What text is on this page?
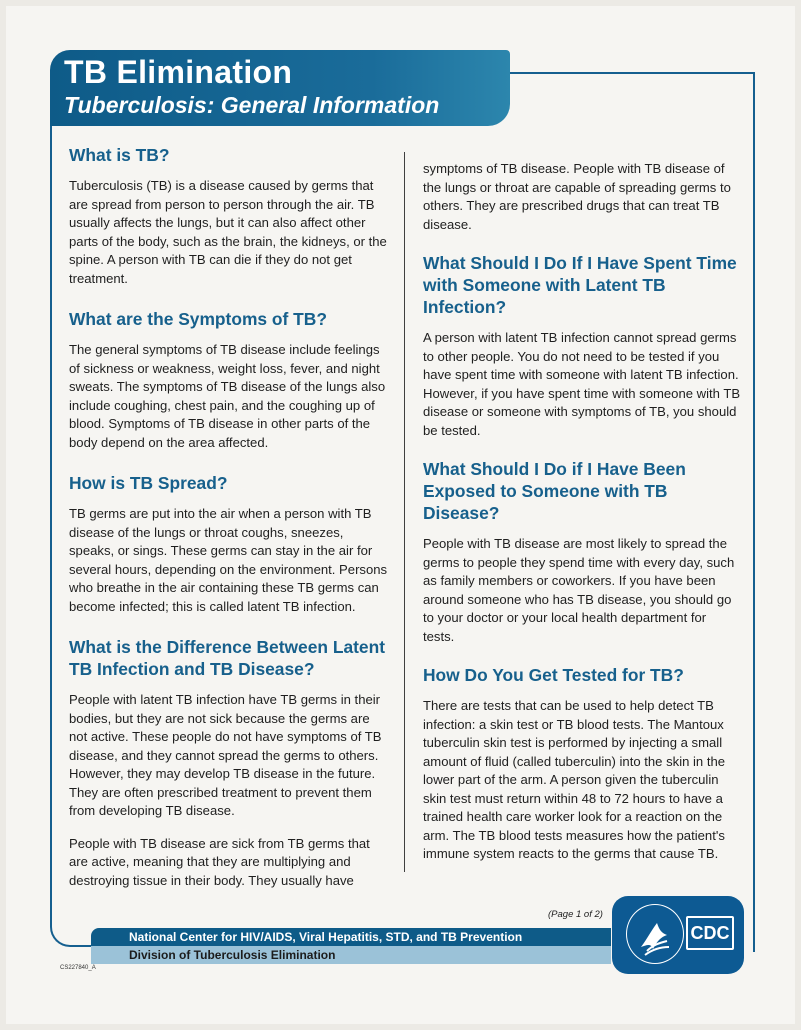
TB Elimination
Tuberculosis: General Information
What is TB?

Tuberculosis (TB) is a disease caused by germs that are spread from person to person through the air. TB usually affects the lungs, but it can also affect other parts of the body, such as the brain, the kidneys, or the spine. A person with TB can die if they do not get treatment.

What are the Symptoms of TB?

The general symptoms of TB disease include feelings of sickness or weakness, weight loss, fever, and night sweats. The symptoms of TB disease of the lungs also include coughing, chest pain, and the coughing up of blood. Symptoms of TB disease in other parts of the body depend on the area affected.

How is TB Spread?

TB germs are put into the air when a person with TB disease of the lungs or throat coughs, sneezes, speaks, or sings. These germs can stay in the air for several hours, depending on the environment. Persons who breathe in the air containing these TB germs can become infected; this is called latent TB infection.

What is the Difference Between Latent TB Infection and TB Disease?

People with latent TB infection have TB germs in their bodies, but they are not sick because the germs are not active. These people do not have symptoms of TB disease, and they cannot spread the germs to others. However, they may develop TB disease in the future. They are often prescribed treatment to prevent them from developing TB disease.

People with TB disease are sick from TB germs that are active, meaning that they are multiplying and destroying tissue in their body. They usually have

symptoms of TB disease. People with TB disease of the lungs or throat are capable of spreading germs to others. They are prescribed drugs that can treat TB disease.

What Should I Do If I Have Spent Time with Someone with Latent TB Infection?

A person with latent TB infection cannot spread germs to other people. You do not need to be tested if you have spent time with someone with latent TB infection. However, if you have spent time with someone with TB disease or someone with symptoms of TB, you should be tested.

What Should I Do if I Have Been Exposed to Someone with TB Disease?

People with TB disease are most likely to spread the germs to people they spend time with every day, such as family members or coworkers. If you have been around someone who has TB disease, you should go to your doctor or your local health department for tests.

How Do You Get Tested for TB?

There are tests that can be used to help detect TB infection: a skin test or TB blood tests. The Mantoux tuberculin skin test is performed by injecting a small amount of fluid (called tuberculin) into the skin in the lower part of the arm. A person given the tuberculin skin test must return within 48 to 72 hours to have a trained health care worker look for a reaction on the arm. The TB blood tests measures how the patient's immune system reacts to the germs that cause TB.

(Page 1 of 2)
National Center for HIV/AIDS, Viral Hepatitis, STD, and TB Prevention
Division of Tuberculosis Elimination
CS227840_A
CDC
